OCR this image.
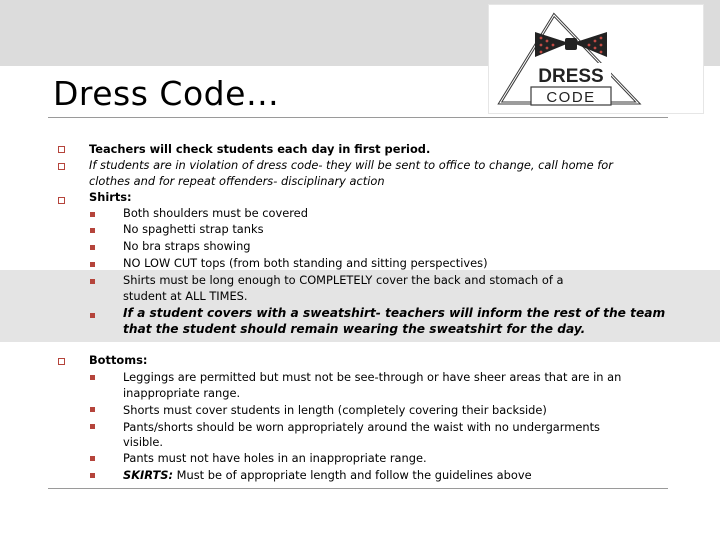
Dress Code…	DRESS
CODE
Teachers will check students each day in first period.
If students are in violation of dress code- they will be sent to office to change, call home for
clothes and for repeat offenders- disciplinary action
Shirts:
Both shoulders must be covered
No spaghetti strap tanks
No bra straps showing
NO LOW CUT tops (from both standing and sitting perspectives)
Shirts must be long enough to COMPLETELY cover the back and stomach of a
student at ALL TIMES.
If a student covers with a sweatshirt- teachers will inform the rest of the team
that the student should remain wearing the sweatshirt for the day.
Bottoms:
Leggings are permitted but must not be see-through or have sheer areas that are in an
inappropriate range.
Shorts must cover students in length (completely covering their backside)
Pants/shorts should be worn appropriately around the waist with no undergarments
visible.
Pants must not have holes in an inappropriate range.
SKIRTS: Must be of appropriate length and follow the guidelines above
